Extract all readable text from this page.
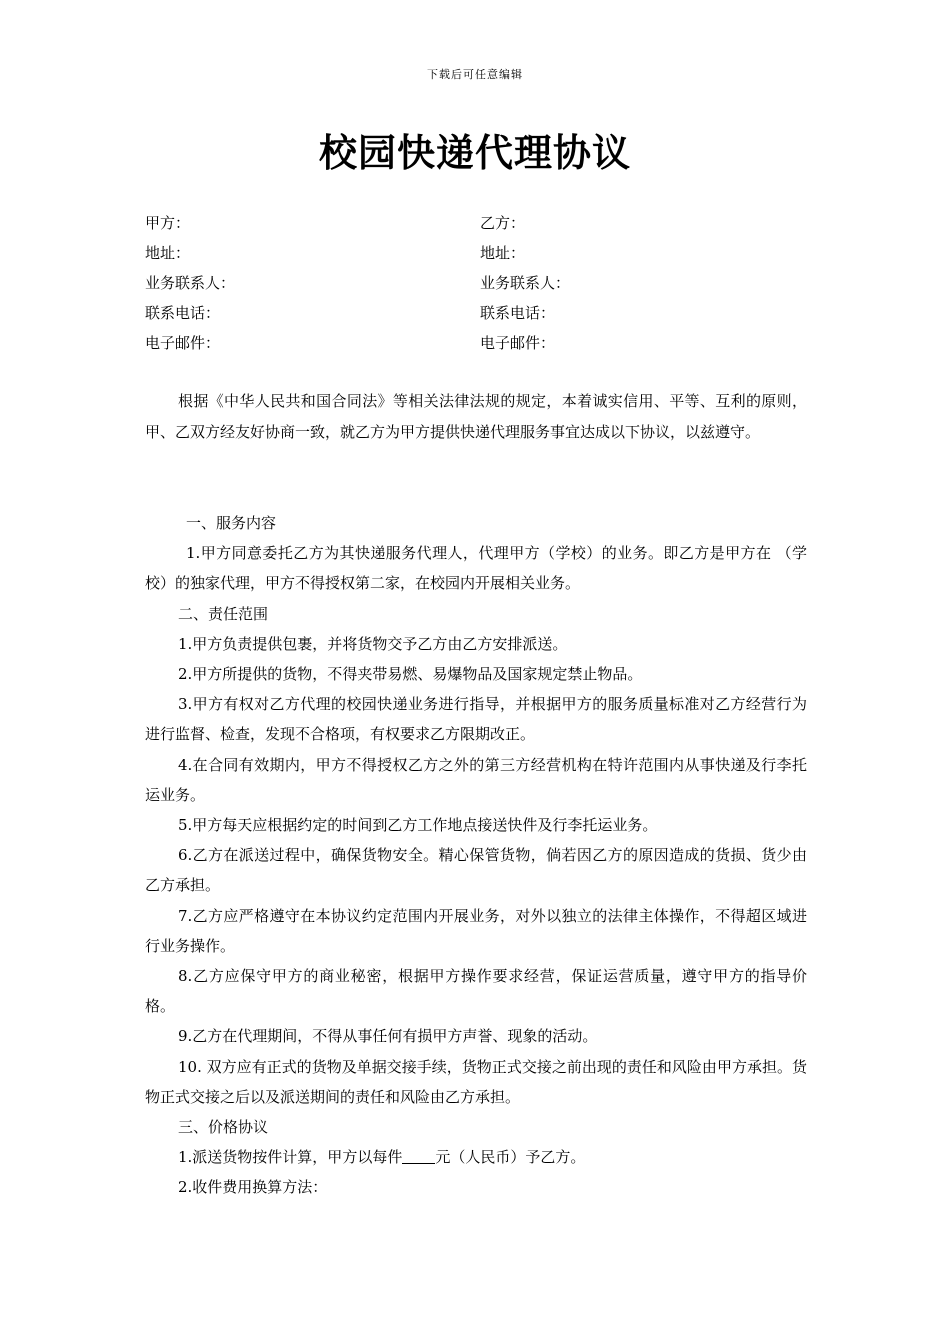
下载后可任意编辑
校园快递代理协议
甲方：	乙方：
地址：	地址：
业务联系人：	业务联系人：
联系电话：	联系电话：
电子邮件：	电子邮件：

根据《中华人民共和国合同法》等相关法律法规的规定，本着诚实信用、平等、互利的原则，甲、乙双方经友好协商一致，就乙方为甲方提供快递代理服务事宜达成以下协议，以兹遵守。

一、服务内容

1.甲方同意委托乙方为其快递服务代理人，代理甲方（学校）的业务。即乙方是甲方在 （学校）的独家代理，甲方不得授权第二家，在校园内开展相关业务。

二、责任范围

1.甲方负责提供包裹，并将货物交予乙方由乙方安排派送。

2.甲方所提供的货物，不得夹带易燃、易爆物品及国家规定禁止物品。

3.甲方有权对乙方代理的校园快递业务进行指导，并根据甲方的服务质量标准对乙方经营行为进行监督、检查，发现不合格项，有权要求乙方限期改正。

4.在合同有效期内，甲方不得授权乙方之外的第三方经营机构在特许范围内从事快递及行李托运业务。

5.甲方每天应根据约定的时间到乙方工作地点接送快件及行李托运业务。

6.乙方在派送过程中，确保货物安全。精心保管货物，倘若因乙方的原因造成的货损、货少由乙方承担。

7.乙方应严格遵守在本协议约定范围内开展业务，对外以独立的法律主体操作，不得超区域进行业务操作。

8.乙方应保守甲方的商业秘密，根据甲方操作要求经营，保证运营质量，遵守甲方的指导价格。

9.乙方在代理期间，不得从事任何有损甲方声誉、现象的活动。

10. 双方应有正式的货物及单据交接手续，货物正式交接之前出现的责任和风险由甲方承担。货物正式交接之后以及派送期间的责任和风险由乙方承担。

三、价格协议

1.派送货物按件计算，甲方以每件 元（人民币）予乙方。

2.收件费用换算方法：
